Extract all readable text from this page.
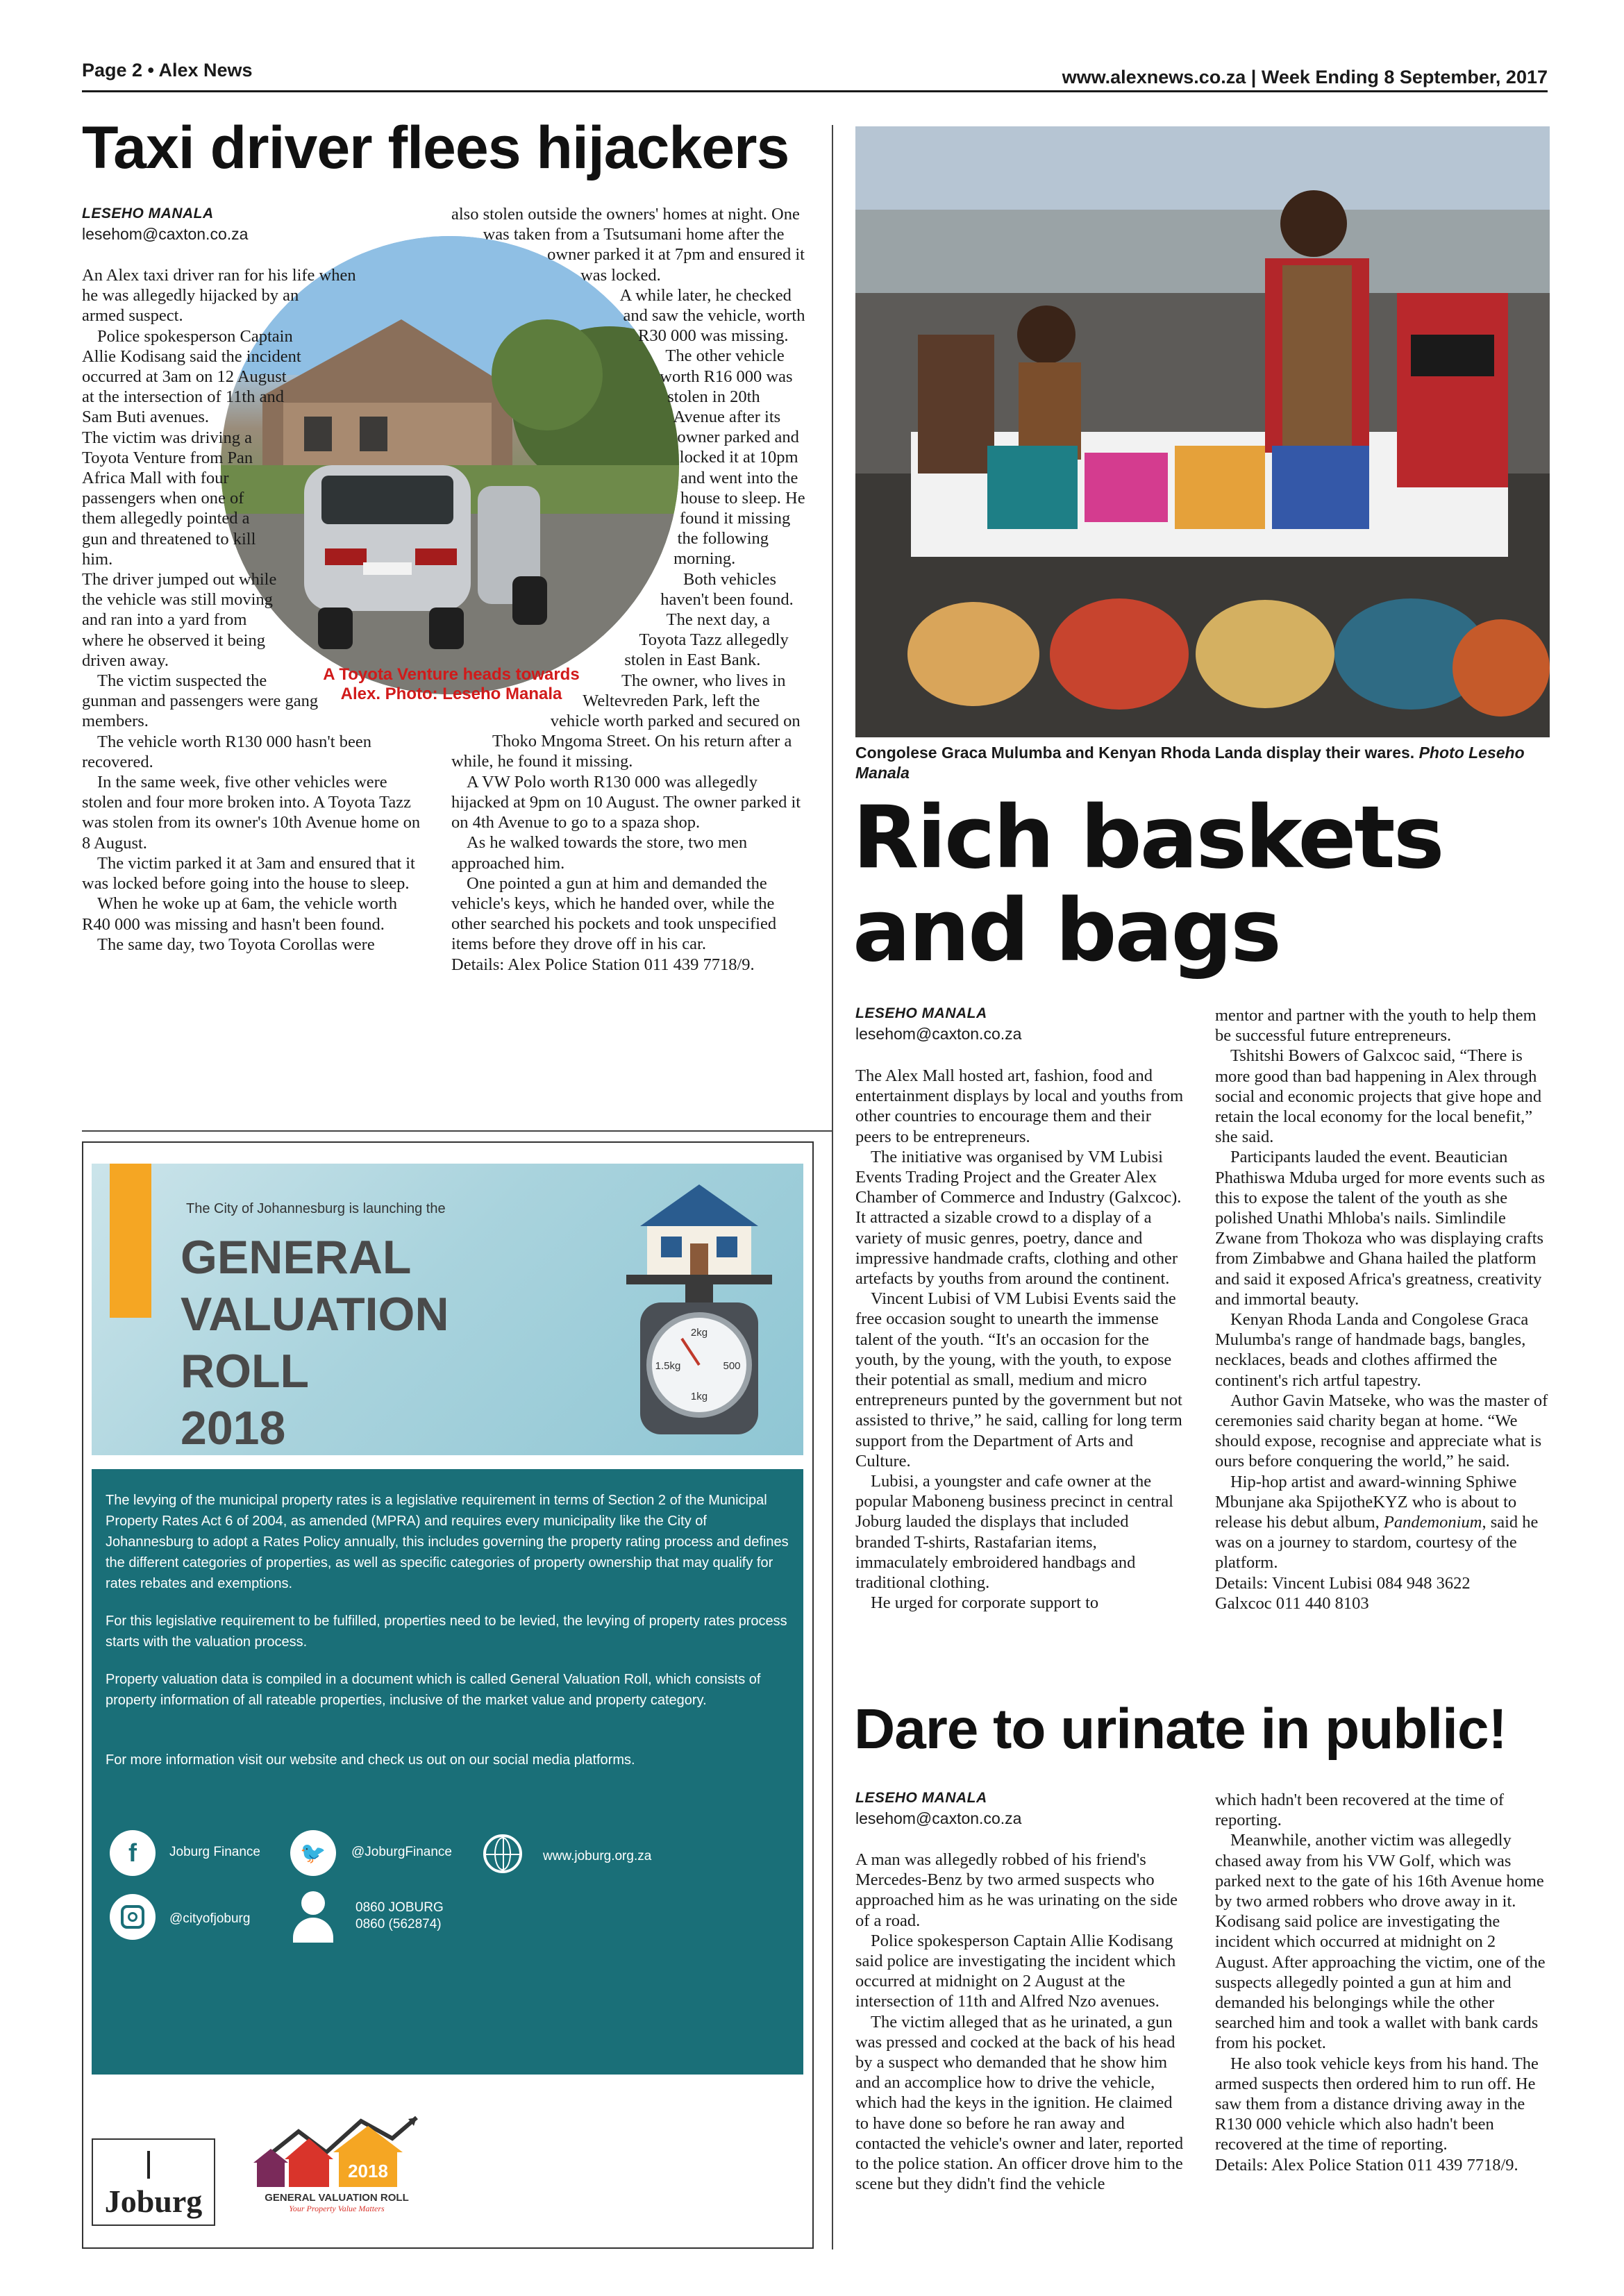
Page 2 • Alex News	www.alexnews.co.za | Week Ending 8 September, 2017
Taxi driver flees hijackers
LESEHO MANALA
lesehom@caxton.co.za
A Toyota Venture heads towards Alex. Photo: Leseho Manala

An Alex taxi driver ran for his life when he was allegedly hijacked by an armed suspect.

Police spokesperson Captain Allie Kodisang said the incident occurred at 3am on 12 August at the intersection of 11th and Sam Buti avenues.

The victim was driving a Toyota Venture from Pan Africa Mall with four passengers when one of them allegedly pointed a gun and threatened to kill him.

The driver jumped out while the vehicle was still moving and ran into a yard from where he observed it being driven away.

The victim suspected the gunman and passengers were gang members.

The vehicle worth R130 000 hasn't been recovered.

In the same week, five other vehicles were stolen and four more broken into. A Toyota Tazz was stolen from its owner's 10th Avenue home on 8 August.

The victim parked it at 3am and ensured that it was locked before going into the house to sleep.

When he woke up at 6am, the vehicle worth R40 000 was missing and hasn't been found.

The same day, two Toyota Corollas were

also stolen outside the owners' homes at night. One was taken from a Tsutsumani home after the owner parked it at 7pm and ensured it was locked.

A while later, he checked and saw the vehicle, worth R30 000 was missing.

The other vehicle worth R16 000 was stolen in 20th Avenue after its owner parked and locked it at 10pm and went into the house to sleep. He found it missing the following morning.

Both vehicles haven't been found.

The next day, a Toyota Tazz allegedly stolen in East Bank.

The owner, who lives in Weltevreden Park, left the vehicle worth parked and secured on Thoko Mngoma Street. On his return after a while, he found it missing.

A VW Polo worth R130 000 was allegedly hijacked at 9pm on 10 August. The owner parked it on 4th Avenue to go to a spaza shop.

As he walked towards the store, two men approached him.

One pointed a gun at him and demanded the vehicle's keys, which he handed over, while the other searched his pockets and took unspecified items before they drove off in his car.

Details: Alex Police Station 011 439 7718/9.

Congolese Graca Mulumba and Kenyan Rhoda Landa display their wares. Photo Leseho Manala
Rich baskets
and bags
LESEHO MANALA
lesehom@caxton.co.za

The Alex Mall hosted art, fashion, food and entertainment displays by local and youths from other countries to encourage them and their peers to be entrepreneurs.

The initiative was organised by VM Lubisi Events Trading Project and the Greater Alex Chamber of Commerce and Industry (Galxcoc). It attracted a sizable crowd to a display of a variety of music genres, poetry, dance and impressive handmade crafts, clothing and other artefacts by youths from around the continent.

Vincent Lubisi of VM Lubisi Events said the free occasion sought to unearth the immense talent of the youth. “It's an occasion for the youth, by the young, with the youth, to expose their potential as small, medium and micro entrepreneurs punted by the government but not assisted to thrive,” he said, calling for long term support from the Department of Arts and Culture.

Lubisi, a youngster and cafe owner at the popular Maboneng business precinct in central Joburg lauded the displays that included branded T-shirts, Rastafarian items, immaculately embroidered handbags and traditional clothing.

He urged for corporate support to

mentor and partner with the youth to help them be successful future entrepreneurs.

Tshitshi Bowers of Galxcoc said, “There is more good than bad happening in Alex through social and economic projects that give hope and retain the local economy for the local benefit,” she said.

Participants lauded the event. Beautician Phathiswa Mduba urged for more events such as this to expose the talent of the youth as she polished Unathi Mhloba's nails. Simlindile Zwane from Thokoza who was displaying crafts from Zimbabwe and Ghana hailed the platform and said it exposed Africa's greatness, creativity and immortal beauty.

Kenyan Rhoda Landa and Congolese Graca Mulumba's range of handmade bags, bangles, necklaces, beads and clothes affirmed the continent's rich artful tapestry.

Author Gavin Matseke, who was the master of ceremonies said charity began at home. “We should expose, recognise and appreciate what is ours before conquering the world,” he said.

Hip-hop artist and award-winning Sphiwe Mbunjane aka SpijotheKYZ who is about to release his debut album, Pandemonium, said he was on a journey to stardom, courtesy of the platform.

Details: Vincent Lubisi 084 948 3622

Galxcoc 011 440 8103

Dare to urinate in public!
LESEHO MANALA
lesehom@caxton.co.za

A man was allegedly robbed of his friend's Mercedes-Benz by two armed suspects who approached him as he was urinating on the side of a road.

Police spokesperson Captain Allie Kodisang said police are investigating the incident which occurred at midnight on 2 August at the intersection of 11th and Alfred Nzo avenues.

The victim alleged that as he urinated, a gun was pressed and cocked at the back of his head by a suspect who demanded that he show him and an accomplice how to drive the vehicle, which had the keys in the ignition. He claimed to have done so before he ran away and contacted the vehicle's owner and later, reported to the police station. An officer drove him to the scene but they didn't find the vehicle

which hadn't been recovered at the time of reporting.

Meanwhile, another victim was allegedly chased away from his VW Golf, which was parked next to the gate of his 16th Avenue home by two armed robbers who drove away in it. Kodisang said police are investigating the incident which occurred at midnight on 2 August. After approaching the victim, one of the suspects allegedly pointed a gun at him and demanded his belongings while the other searched him and took a wallet with bank cards from his pocket.

He also took vehicle keys from his hand. The armed suspects then ordered him to run off. He saw them from a distance driving away in the R130 000 vehicle which also hadn't been recovered at the time of reporting.

Details: Alex Police Station 011 439 7718/9.

2kg
1.5kg	500
1kg
The City of Johannesburg is launching the
GENERAL
VALUATION
ROLL
2018
The levying of the municipal property rates is a legislative requirement in terms of Section 2 of the Municipal Property Rates Act 6 of 2004, as amended (MPRA) and requires every municipality like the City of Johannesburg to adopt a Rates Policy annually, this includes governing the property rating process and defines the different categories of properties, as well as specific categories of property ownership that may qualify for rates rebates and exemptions.
For this legislative requirement to be fulfilled, properties need to be levied, the levying of property rates process starts with the valuation process.
Property valuation data is compiled in a document which is called General Valuation Roll, which consists of property information of all rateable properties, inclusive of the market value and property category.
For more information visit our website and check us out on our social media platforms.
f	Joburg Finance	🐦	@JoburgFinance	www.joburg.org.za
@cityofjoburg
0860 JOBURG
0860 (562874)
Joburg
2018
GENERAL VALUATION ROLL
Your Property Value Matters
